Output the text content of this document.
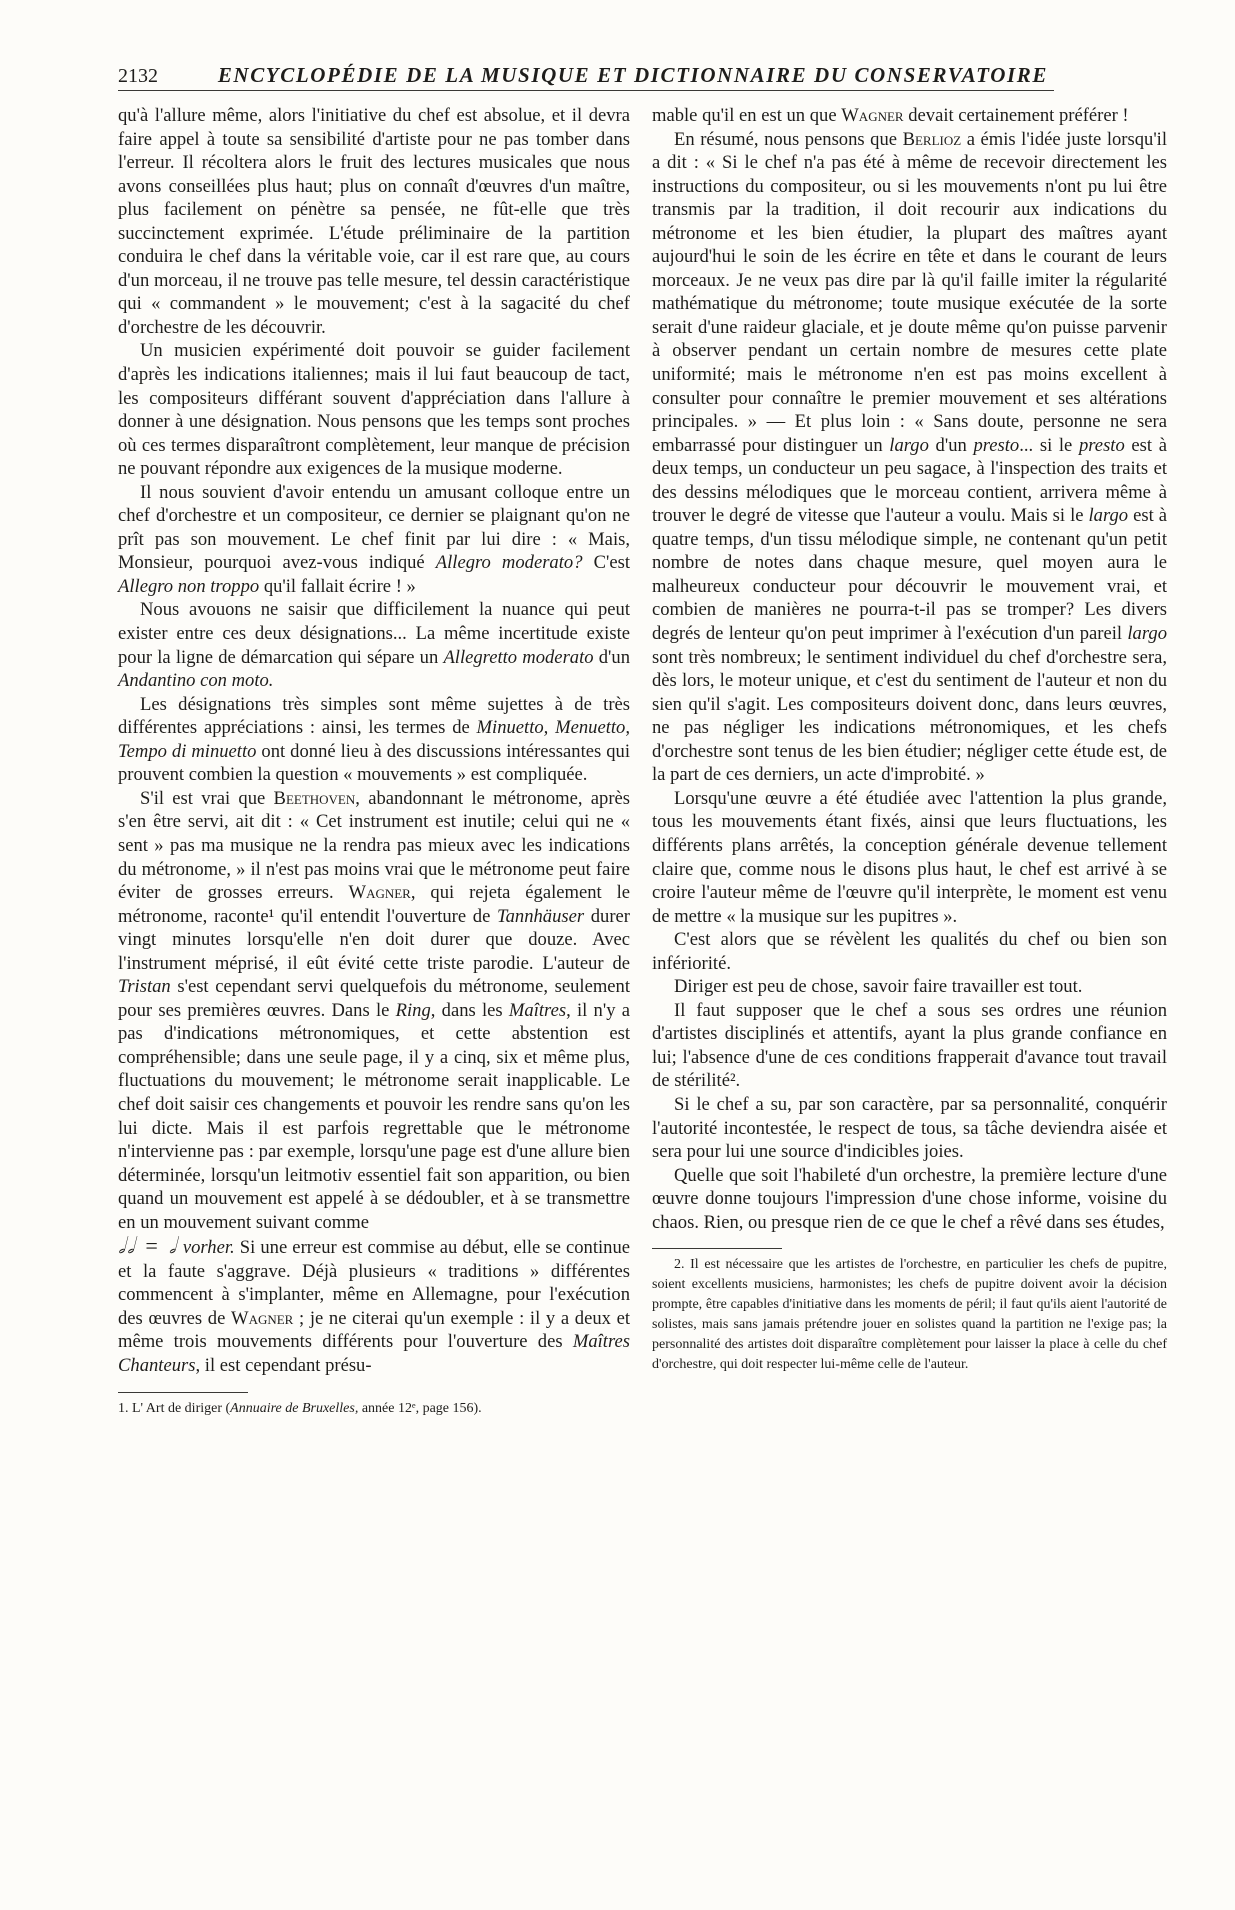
2132	ENCYCLOPÉDIE DE LA MUSIQUE ET DICTIONNAIRE DU CONSERVATOIRE

qu'à l'allure même, alors l'initiative du chef est absolue, et il devra faire appel à toute sa sensibilité d'artiste pour ne pas tomber dans l'erreur. Il récoltera alors le fruit des lectures musicales que nous avons conseillées plus haut; plus on connaît d'œuvres d'un maître, plus facilement on pénètre sa pensée, ne fût-elle que très succinctement exprimée. L'étude préliminaire de la partition conduira le chef dans la véritable voie, car il est rare que, au cours d'un morceau, il ne trouve pas telle mesure, tel dessin caractéristique qui « commandent » le mouvement; c'est à la sagacité du chef d'orchestre de les découvrir.

Un musicien expérimenté doit pouvoir se guider facilement d'après les indications italiennes; mais il lui faut beaucoup de tact, les compositeurs différant souvent d'appréciation dans l'allure à donner à une désignation. Nous pensons que les temps sont proches où ces termes disparaîtront complètement, leur manque de précision ne pouvant répondre aux exigences de la musique moderne.

Il nous souvient d'avoir entendu un amusant colloque entre un chef d'orchestre et un compositeur, ce dernier se plaignant qu'on ne prît pas son mouvement. Le chef finit par lui dire : « Mais, Monsieur, pourquoi avez-vous indiqué Allegro moderato? C'est Allegro non troppo qu'il fallait écrire ! »

Nous avouons ne saisir que difficilement la nuance qui peut exister entre ces deux désignations... La même incertitude existe pour la ligne de démarcation qui sépare un Allegretto moderato d'un Andantino con moto.

Les désignations très simples sont même sujettes à de très différentes appréciations : ainsi, les termes de Minuetto, Menuetto, Tempo di minuetto ont donné lieu à des discussions intéressantes qui prouvent combien la question « mouvements » est compliquée.

S'il est vrai que Beethoven, abandonnant le métronome, après s'en être servi, ait dit : « Cet instrument est inutile; celui qui ne « sent » pas ma musique ne la rendra pas mieux avec les indications du métronome, » il n'est pas moins vrai que le métronome peut faire éviter de grosses erreurs. Wagner, qui rejeta également le métronome, raconte¹ qu'il entendit l'ouverture de Tannhäuser durer vingt minutes lorsqu'elle n'en doit durer que douze. Avec l'instrument méprisé, il eût évité cette triste parodie. L'auteur de Tristan s'est cependant servi quelquefois du métronome, seulement pour ses premières œuvres. Dans le Ring, dans les Maîtres, il n'y a pas d'indications métronomiques, et cette abstention est compréhensible; dans une seule page, il y a cinq, six et même plus, fluctuations du mouvement; le métronome serait inapplicable. Le chef doit saisir ces changements et pouvoir les rendre sans qu'on les lui dicte. Mais il est parfois regrettable que le métronome n'intervienne pas : par exemple, lorsqu'une page est d'une allure bien déterminée, lorsqu'un leitmotiv essentiel fait son apparition, ou bien quand un mouvement est appelé à se dédoubler, et à se transmettre en un mouvement suivant comme

𝅗𝅥𝅗𝅥 = 𝅗𝅥 vorher. Si une erreur est commise au début, elle se continue et la faute s'aggrave. Déjà plusieurs « traditions » différentes commencent à s'implanter, même en Allemagne, pour l'exécution des œuvres de Wagner ; je ne citerai qu'un exemple : il y a deux et même trois mouvements différents pour l'ouverture des Maîtres Chanteurs, il est cependant présu-

1. L' Art de diriger (Annuaire de Bruxelles, année 12ᵉ, page 156).

mable qu'il en est un que Wagner devait certainement préférer !

En résumé, nous pensons que Berlioz a émis l'idée juste lorsqu'il a dit : « Si le chef n'a pas été à même de recevoir directement les instructions du compositeur, ou si les mouvements n'ont pu lui être transmis par la tradition, il doit recourir aux indications du métronome et les bien étudier, la plupart des maîtres ayant aujourd'hui le soin de les écrire en tête et dans le courant de leurs morceaux. Je ne veux pas dire par là qu'il faille imiter la régularité mathématique du métronome; toute musique exécutée de la sorte serait d'une raideur glaciale, et je doute même qu'on puisse parvenir à observer pendant un certain nombre de mesures cette plate uniformité; mais le métronome n'en est pas moins excellent à consulter pour connaître le premier mouvement et ses altérations principales. » — Et plus loin : « Sans doute, personne ne sera embarrassé pour distinguer un largo d'un presto... si le presto est à deux temps, un conducteur un peu sagace, à l'inspection des traits et des dessins mélodiques que le morceau contient, arrivera même à trouver le degré de vitesse que l'auteur a voulu. Mais si le largo est à quatre temps, d'un tissu mélodique simple, ne contenant qu'un petit nombre de notes dans chaque mesure, quel moyen aura le malheureux conducteur pour découvrir le mouvement vrai, et combien de manières ne pourra-t-il pas se tromper? Les divers degrés de lenteur qu'on peut imprimer à l'exécution d'un pareil largo sont très nombreux; le sentiment individuel du chef d'orchestre sera, dès lors, le moteur unique, et c'est du sentiment de l'auteur et non du sien qu'il s'agit. Les compositeurs doivent donc, dans leurs œuvres, ne pas négliger les indications métronomiques, et les chefs d'orchestre sont tenus de les bien étudier; négliger cette étude est, de la part de ces derniers, un acte d'improbité. »

Lorsqu'une œuvre a été étudiée avec l'attention la plus grande, tous les mouvements étant fixés, ainsi que leurs fluctuations, les différents plans arrêtés, la conception générale devenue tellement claire que, comme nous le disons plus haut, le chef est arrivé à se croire l'auteur même de l'œuvre qu'il interprète, le moment est venu de mettre « la musique sur les pupitres ».

C'est alors que se révèlent les qualités du chef ou bien son infériorité.

Diriger est peu de chose, savoir faire travailler est tout.

Il faut supposer que le chef a sous ses ordres une réunion d'artistes disciplinés et attentifs, ayant la plus grande confiance en lui; l'absence d'une de ces conditions frapperait d'avance tout travail de stérilité².

Si le chef a su, par son caractère, par sa personnalité, conquérir l'autorité incontestée, le respect de tous, sa tâche deviendra aisée et sera pour lui une source d'indicibles joies.

Quelle que soit l'habileté d'un orchestre, la première lecture d'une œuvre donne toujours l'impression d'une chose informe, voisine du chaos. Rien, ou presque rien de ce que le chef a rêvé dans ses études,

2. Il est nécessaire que les artistes de l'orchestre, en particulier les chefs de pupitre, soient excellents musiciens, harmonistes; les chefs de pupitre doivent avoir la décision prompte, être capables d'initiative dans les moments de péril; il faut qu'ils aient l'autorité de solistes, mais sans jamais prétendre jouer en solistes quand la partition ne l'exige pas; la personnalité des artistes doit disparaître complètement pour laisser la place à celle du chef d'orchestre, qui doit respecter lui-même celle de l'auteur.
